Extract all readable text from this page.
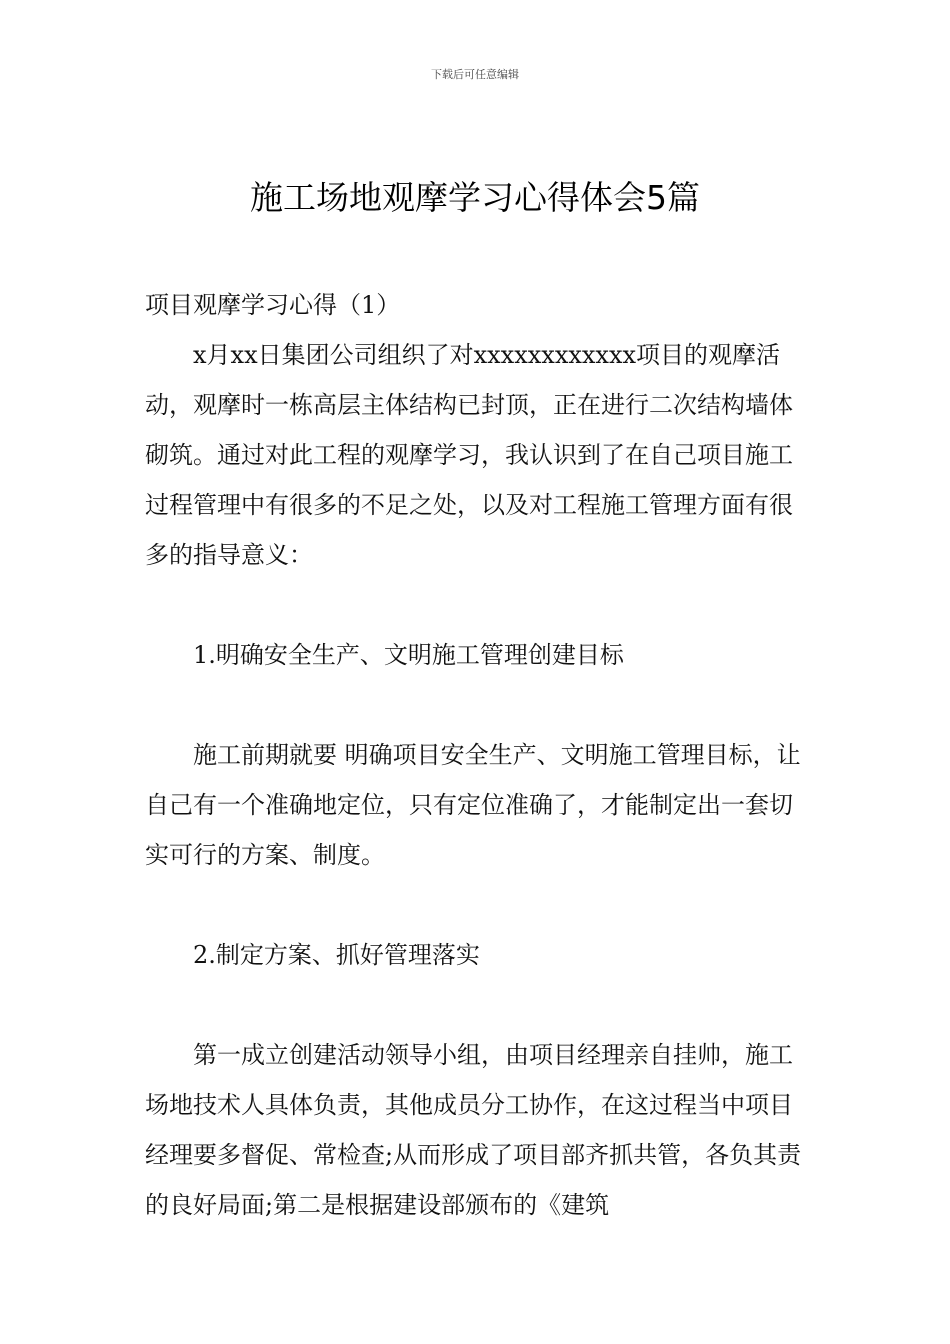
下载后可任意编辑
施工场地观摩学习心得体会5篇

项目观摩学习心得（1）

x月xx日集团公司组织了对xxxxxxxxxxxx项目的观摩活动，观摩时一栋高层主体结构已封顶，正在进行二次结构墙体砌筑。通过对此工程的观摩学习，我认识到了在自己项目施工过程管理中有很多的不足之处，以及对工程施工管理方面有很多的指导意义：

1.明确安全生产、文明施工管理创建目标

施工前期就要 明确项目安全生产、文明施工管理目标，让自己有一个准确地定位，只有定位准确了，才能制定出一套切实可行的方案、制度。

2.制定方案、抓好管理落实

第一成立创建活动领导小组，由项目经理亲自挂帅，施工场地技术人具体负责，其他成员分工协作，在这过程当中项目经理要多督促、常检查;从而形成了项目部齐抓共管，各负其责的良好局面;第二是根据建设部颁布的《建筑
